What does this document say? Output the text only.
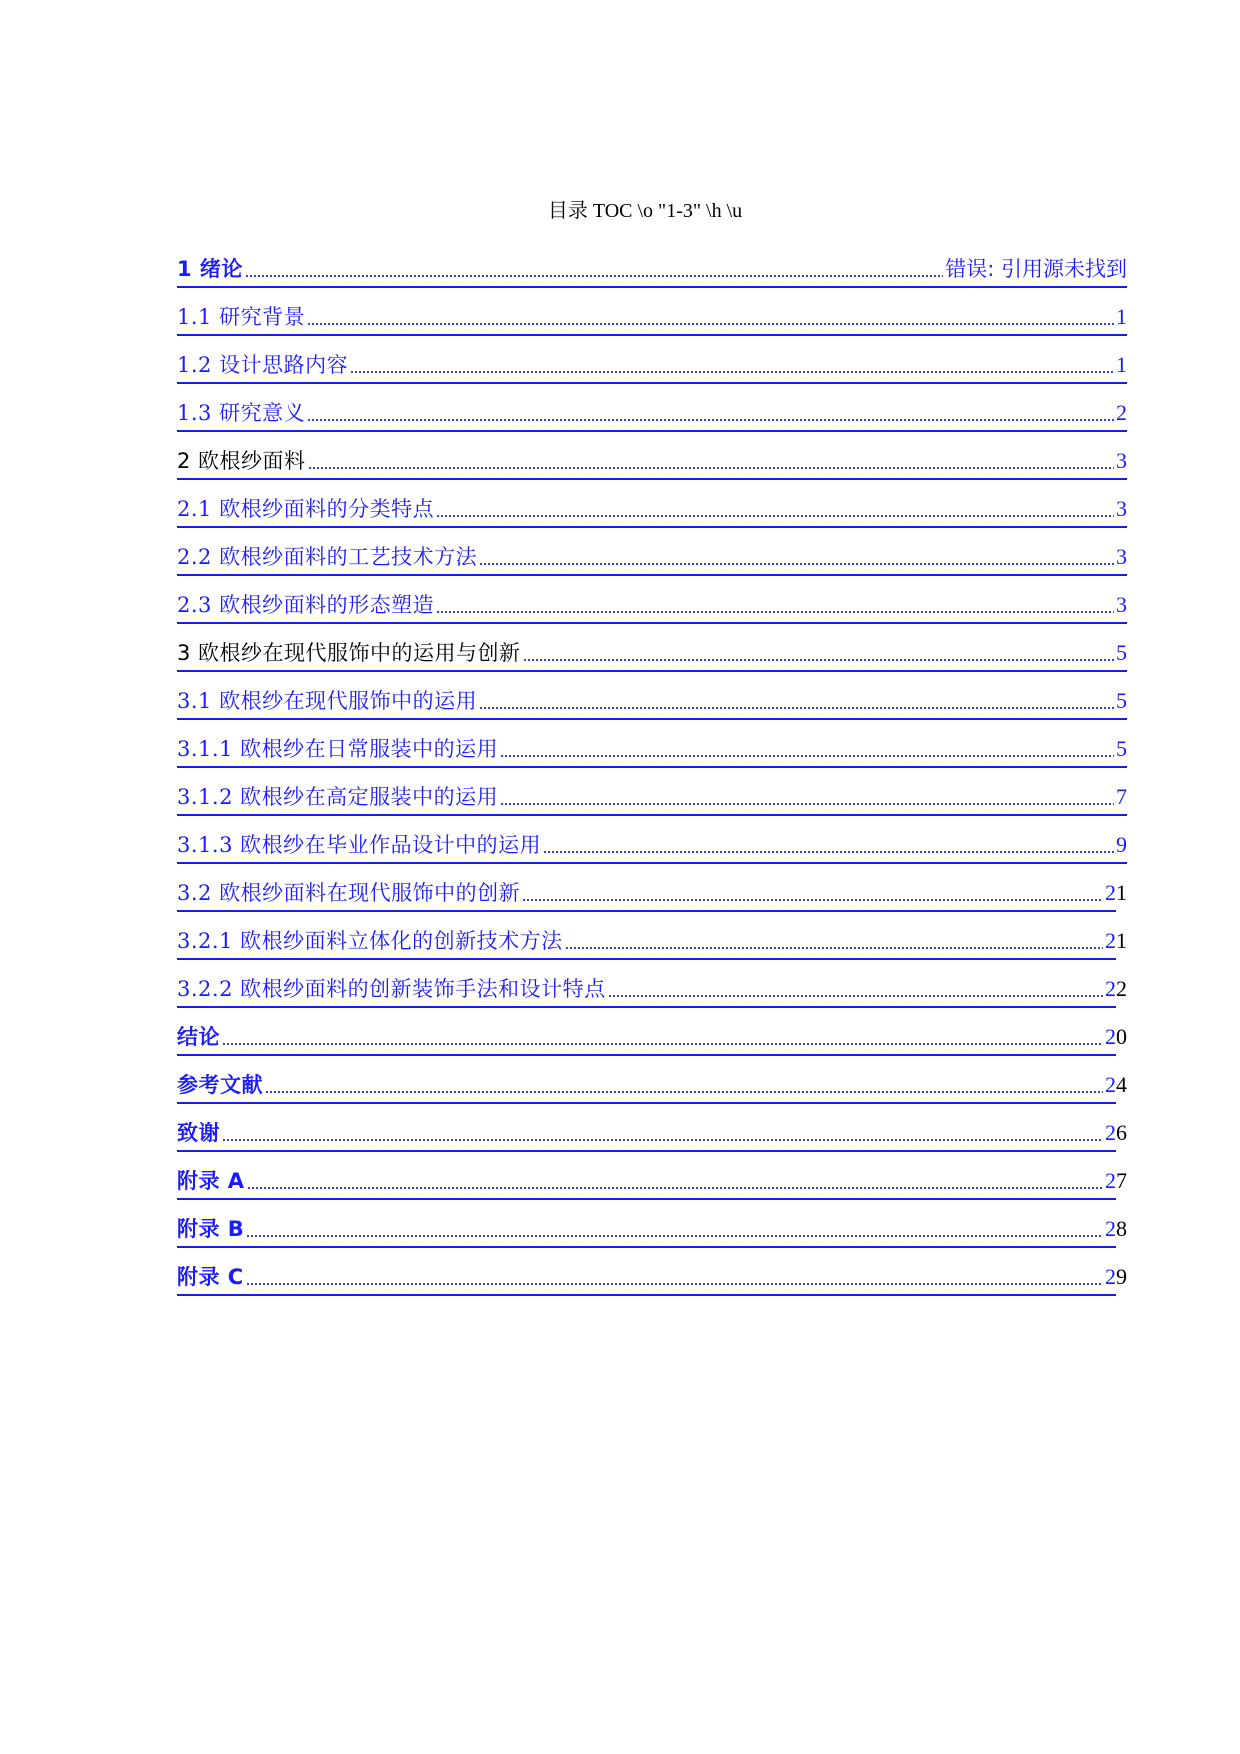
目录 TOC \o "1-3" \h \u
1 绪论	错误: 引用源未找到
1.1 研究背景	1
1.2 设计思路内容	1
1.3 研究意义	2
2 欧根纱面料	3
2.1 欧根纱面料的分类特点	3
2.2 欧根纱面料的工艺技术方法	3
2.3 欧根纱面料的形态塑造	3
3 欧根纱在现代服饰中的运用与创新	5
3.1 欧根纱在现代服饰中的运用	5
3.1.1 欧根纱在日常服装中的运用	5
3.1.2 欧根纱在高定服装中的运用	7
3.1.3 欧根纱在毕业作品设计中的运用	9
3.2 欧根纱面料在现代服饰中的创新	2 1
3.2.1 欧根纱面料立体化的创新技术方法	2 1
3.2.2 欧根纱面料的创新装饰手法和设计特点	2 2
结论	2 0
参考文献	2 4
致谢	2 6
附录 A	2 7
附录 B	2 8
附录 C	2 9
